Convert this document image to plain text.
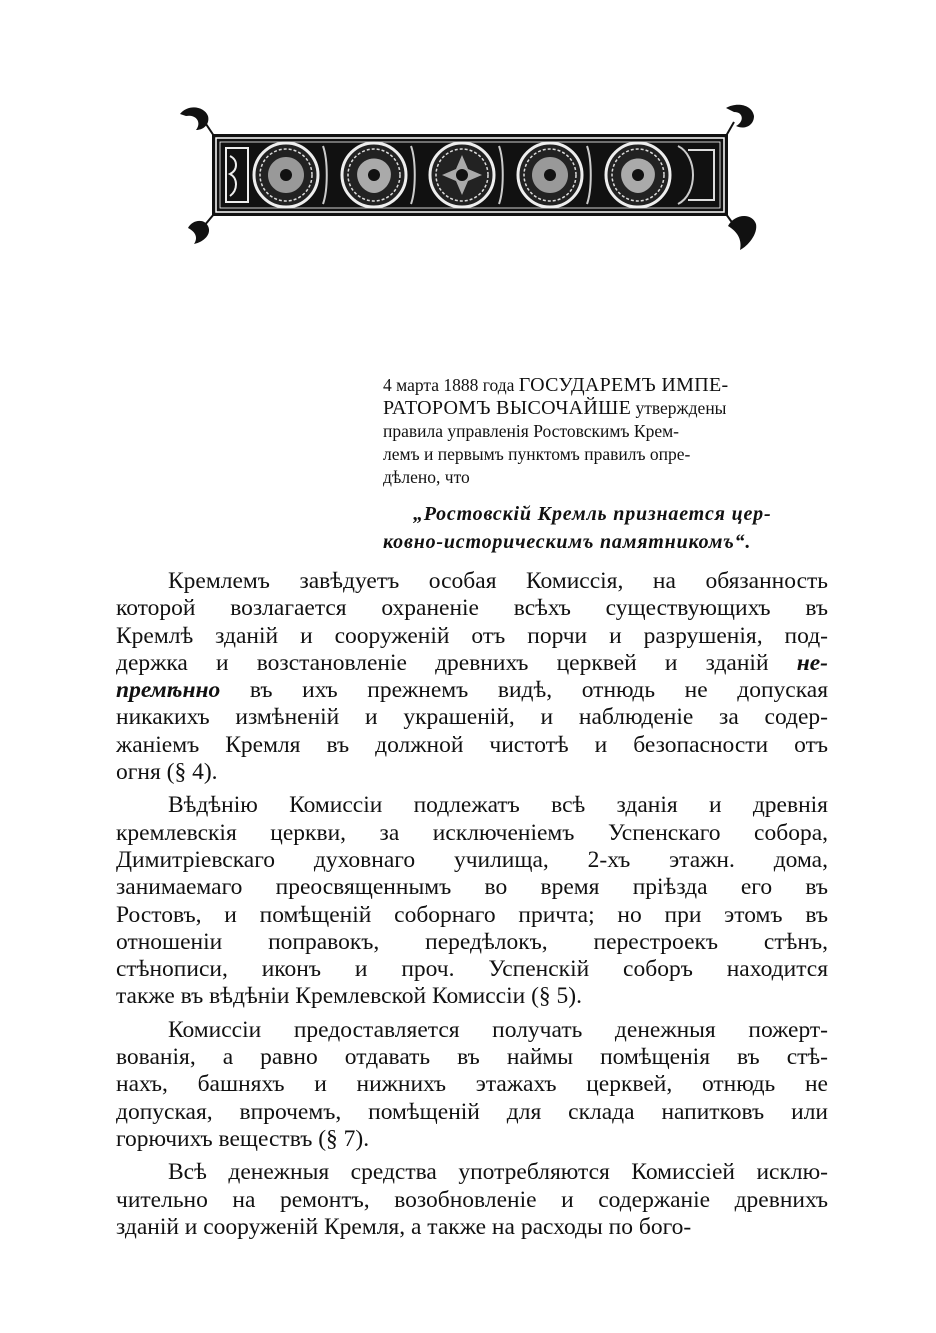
4 марта 1888 года ГОСУДАРЕМЪ ИМПЕ-

РАТОРОМЪ ВЫСОЧАЙШЕ утверждены

правила управленія Ростовскимъ Крем-

лемъ и первымъ пунктомъ правилъ опре-

дѣлено, что

„Ростовскій Кремль признается цер-
ковно-историческимъ памятникомъ“.
Кремлемъ завѣдуетъ особая Комиссія, на обязанность
которой возлагается охраненіе всѣхъ существующихъ въ
Кремлѣ зданій и сооруженій отъ порчи и разрушенія, под-
держка и возстановленіе древнихъ церквей и зданій не-
премѣнно въ ихъ прежнемъ видѣ, отнюдь не допуская
никакихъ измѣненій и украшеній, и наблюденіе за содер-
жаніемъ Кремля въ должной чистотѣ и безопасности отъ
огня (§ 4).
Вѣдѣнію Комиссіи подлежатъ всѣ зданія и древнія
кремлевскія церкви, за исключеніемъ Успенскаго собора,
Димитріевскаго духовнаго училища, 2-хъ этажн. дома,
занимаемаго преосвященнымъ во время пріѣзда его въ
Ростовъ, и помѣщеній соборнаго причта; но при этомъ въ
отношеніи поправокъ, передѣлокъ, перестроекъ стѣнъ,
стѣнописи, иконъ и проч. Успенскій соборъ находится
также въ вѣдѣніи Кремлевской Комиссіи (§ 5).
Комиссіи предоставляется получать денежныя пожерт-
вованія, а равно отдавать въ наймы помѣщенія въ стѣ-
нахъ, башняхъ и нижнихъ этажахъ церквей, отнюдь не
допуская, впрочемъ, помѣщеній для склада напитковъ или
горючихъ веществъ (§ 7).
Всѣ денежныя средства употребляются Комиссіей исклю-
чительно на ремонтъ, возобновленіе и содержаніе древнихъ
зданій и сооруженій Кремля, а также на расходы по бого-
